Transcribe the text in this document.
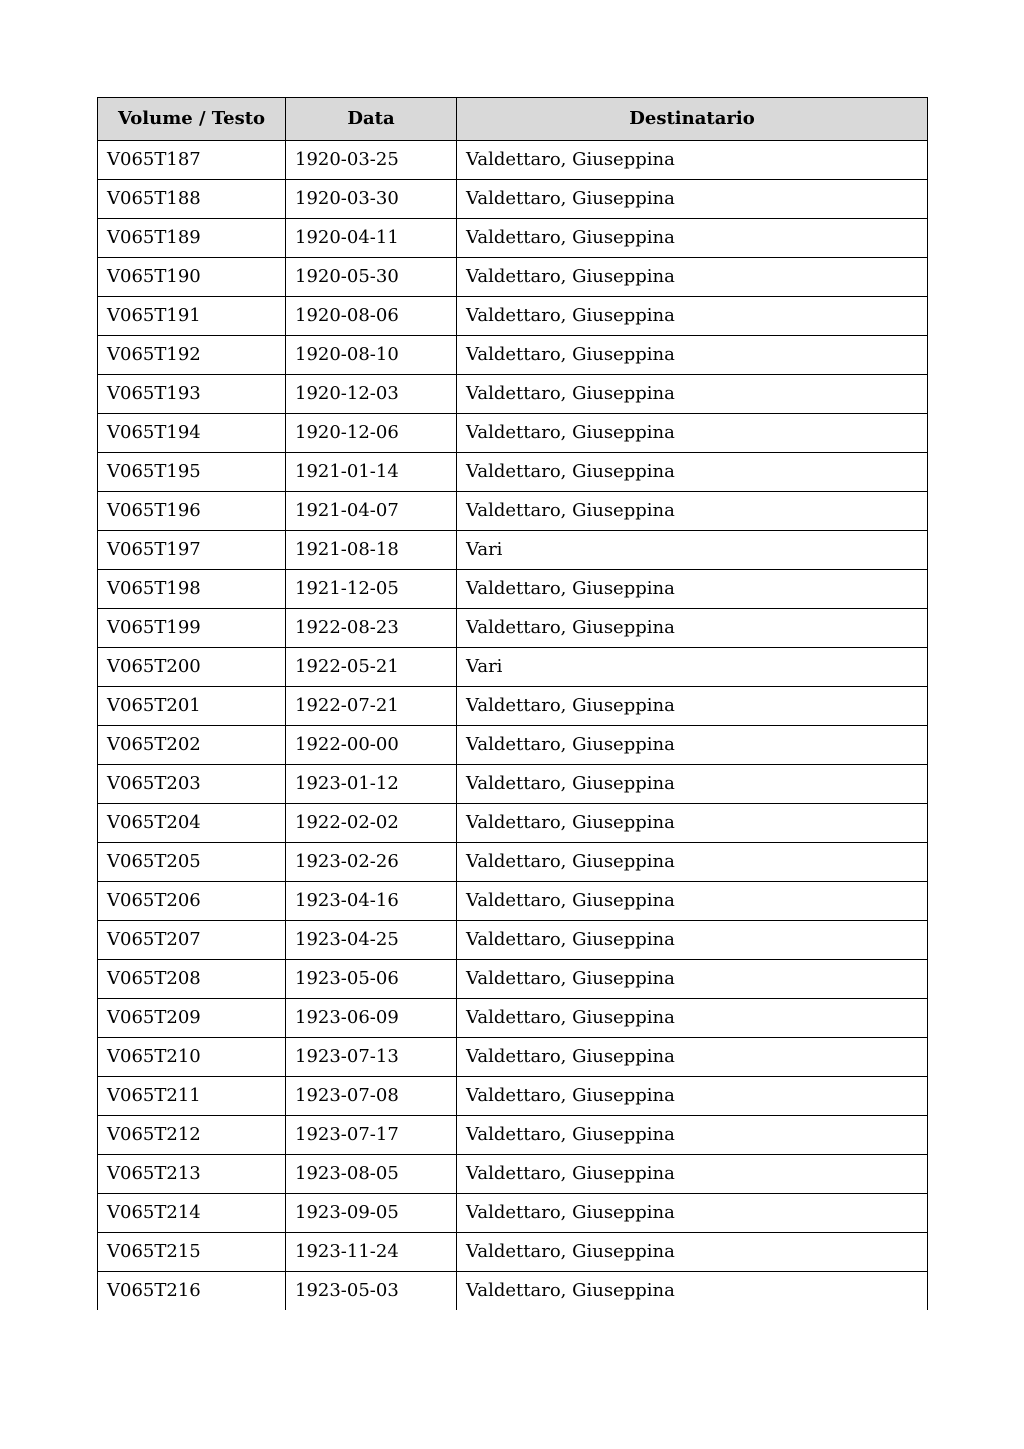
Volume / Testo	Data	Destinatario
V065T187	1920-03-25	Valdettaro, Giuseppina
V065T188	1920-03-30	Valdettaro, Giuseppina
V065T189	1920-04-11	Valdettaro, Giuseppina
V065T190	1920-05-30	Valdettaro, Giuseppina
V065T191	1920-08-06	Valdettaro, Giuseppina
V065T192	1920-08-10	Valdettaro, Giuseppina
V065T193	1920-12-03	Valdettaro, Giuseppina
V065T194	1920-12-06	Valdettaro, Giuseppina
V065T195	1921-01-14	Valdettaro, Giuseppina
V065T196	1921-04-07	Valdettaro, Giuseppina
V065T197	1921-08-18	Vari
V065T198	1921-12-05	Valdettaro, Giuseppina
V065T199	1922-08-23	Valdettaro, Giuseppina
V065T200	1922-05-21	Vari
V065T201	1922-07-21	Valdettaro, Giuseppina
V065T202	1922-00-00	Valdettaro, Giuseppina
V065T203	1923-01-12	Valdettaro, Giuseppina
V065T204	1922-02-02	Valdettaro, Giuseppina
V065T205	1923-02-26	Valdettaro, Giuseppina
V065T206	1923-04-16	Valdettaro, Giuseppina
V065T207	1923-04-25	Valdettaro, Giuseppina
V065T208	1923-05-06	Valdettaro, Giuseppina
V065T209	1923-06-09	Valdettaro, Giuseppina
V065T210	1923-07-13	Valdettaro, Giuseppina
V065T211	1923-07-08	Valdettaro, Giuseppina
V065T212	1923-07-17	Valdettaro, Giuseppina
V065T213	1923-08-05	Valdettaro, Giuseppina
V065T214	1923-09-05	Valdettaro, Giuseppina
V065T215	1923-11-24	Valdettaro, Giuseppina
V065T216	1923-05-03	Valdettaro, Giuseppina
